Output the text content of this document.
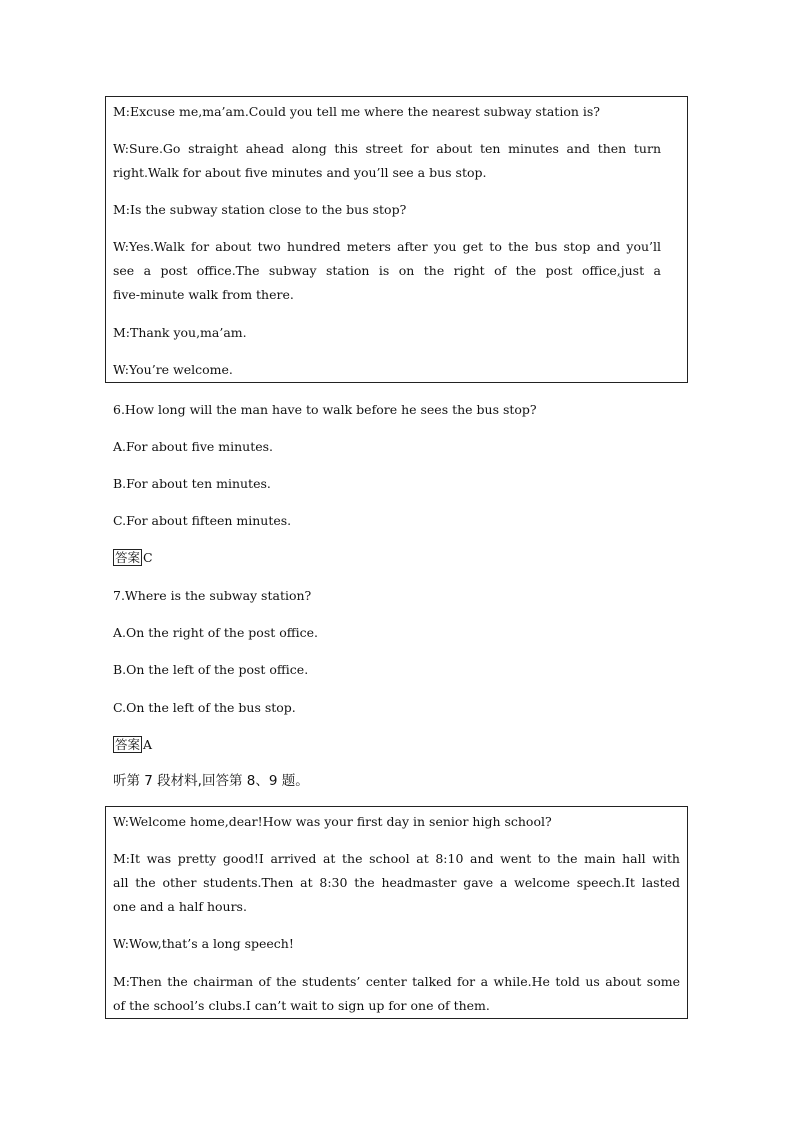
M:Excuse me,ma’am.Could you tell me where the nearest subway station is?
W:Sure.Go straight ahead along this street for about ten minutes and then turn
right.Walk for about five minutes and you’ll see a bus stop.
M:Is the subway station close to the bus stop?
W:Yes.Walk for about two hundred meters after you get to the bus stop and you’ll
see a post office.The subway station is on the right of the post office,just a
five-minute walk from there.
M:Thank you,ma’am.
W:You’re welcome.
6.How long will the man have to walk before he sees the bus stop?
A.For about five minutes.
B.For about ten minutes.
C.For about fifteen minutes.
答案 C
7.Where is the subway station?
A.On the right of the post office.
B.On the left of the post office.
C.On the left of the bus stop.
答案 A
听第 7 段材料,回答第 8、9 题。
W:Welcome home,dear!How was your first day in senior high school?
M:It was pretty good!I arrived at the school at 8:10 and went to the main hall with
all the other students.Then at 8:30 the headmaster gave a welcome speech.It lasted
one and a half hours.
W:Wow,that’s a long speech!
M:Then the chairman of the students’ center talked for a while.He told us about some
of the school’s clubs.I can’t wait to sign up for one of them.
